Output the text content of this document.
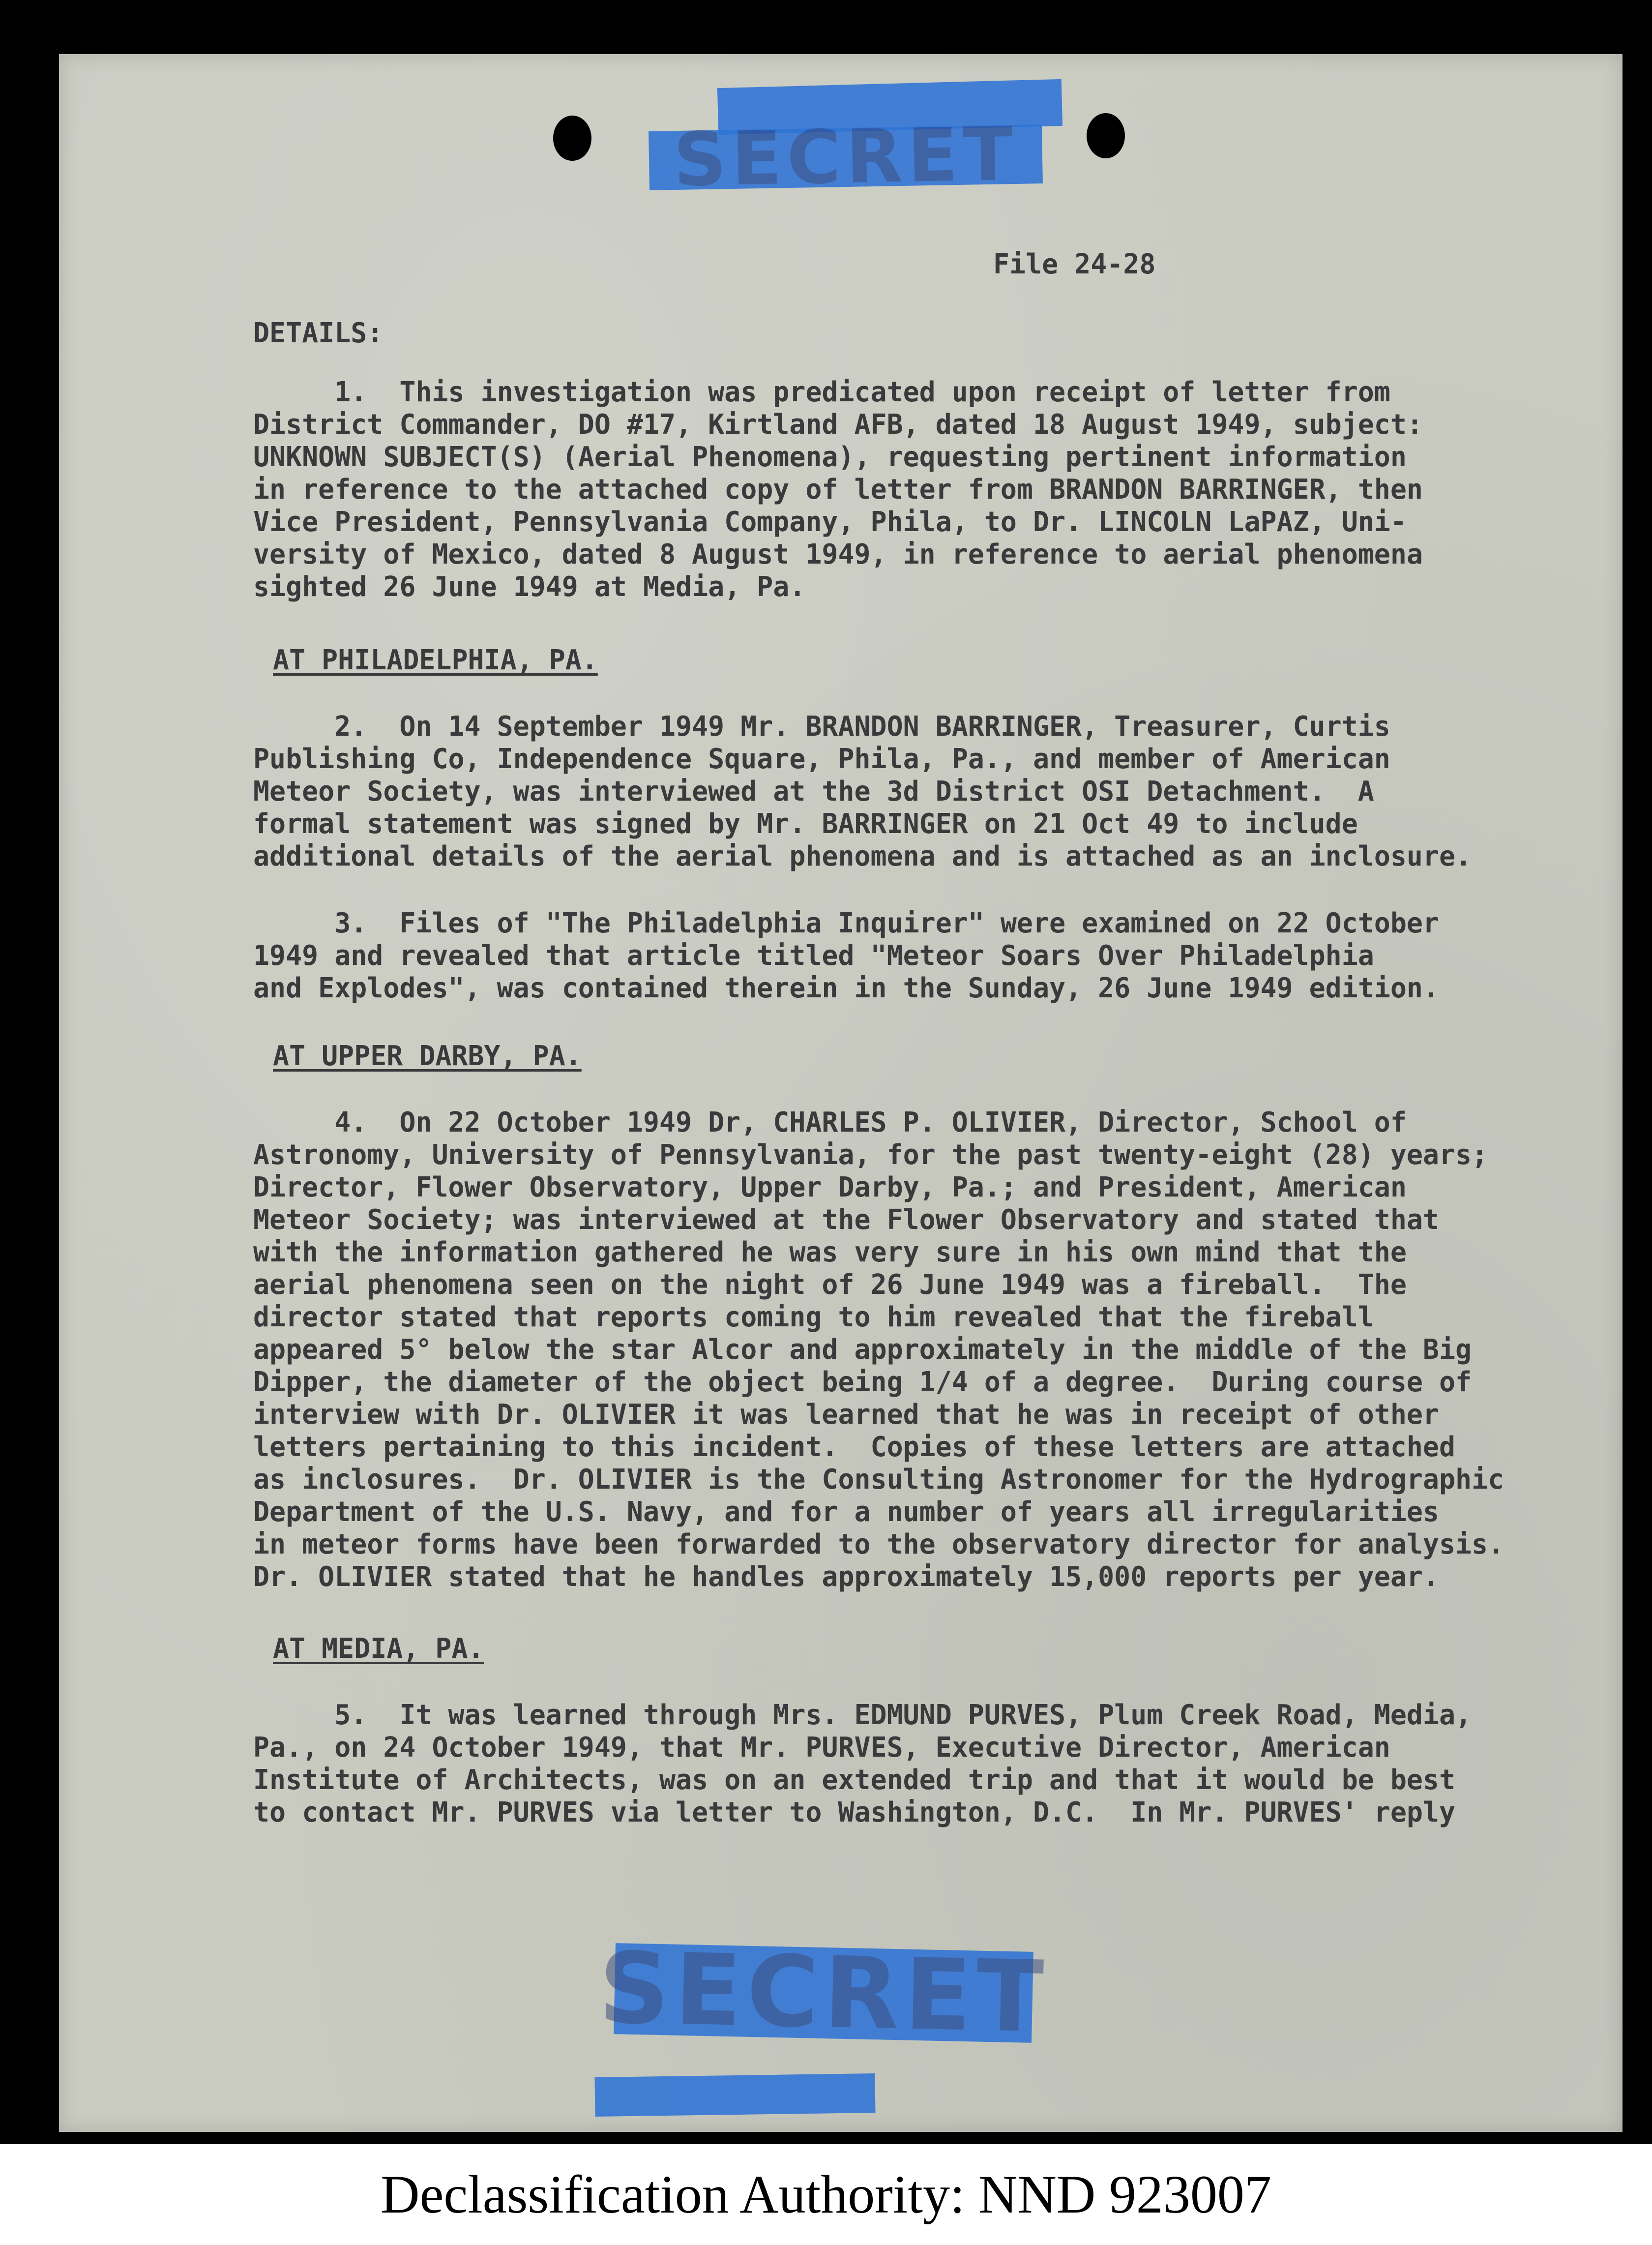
SECRET
SECRET

File 24-28

DETAILS:

1.  This investigation was predicated upon receipt of letter from

District Commander, DO #17, Kirtland AFB, dated 18 August 1949, subject:

UNKNOWN SUBJECT(S) (Aerial Phenomena), requesting pertinent information

in reference to the attached copy of letter from BRANDON BARRINGER, then

Vice President, Pennsylvania Company, Phila, to Dr. LINCOLN LaPAZ, Uni-

versity of Mexico, dated 8 August 1949, in reference to aerial phenomena

sighted 26 June 1949 at Media, Pa.

AT PHILADELPHIA, PA.

2.  On 14 September 1949 Mr. BRANDON BARRINGER, Treasurer, Curtis

Publishing Co, Independence Square, Phila, Pa., and member of American

Meteor Society, was interviewed at the 3d District OSI Detachment.  A

formal statement was signed by Mr. BARRINGER on 21 Oct 49 to include

additional details of the aerial phenomena and is attached as an inclosure.

3.  Files of "The Philadelphia Inquirer" were examined on 22 October

1949 and revealed that article titled "Meteor Soars Over Philadelphia

and Explodes", was contained therein in the Sunday, 26 June 1949 edition.

AT UPPER DARBY, PA.

4.  On 22 October 1949 Dr, CHARLES P. OLIVIER, Director, School of

Astronomy, University of Pennsylvania, for the past twenty-eight (28) years;

Director, Flower Observatory, Upper Darby, Pa.; and President, American

Meteor Society; was interviewed at the Flower Observatory and stated that

with the information gathered he was very sure in his own mind that the

aerial phenomena seen on the night of 26 June 1949 was a fireball.  The

director stated that reports coming to him revealed that the fireball

appeared 5° below the star Alcor and approximately in the middle of the Big

Dipper, the diameter of the object being 1/4 of a degree.  During course of

interview with Dr. OLIVIER it was learned that he was in receipt of other

letters pertaining to this incident.  Copies of these letters are attached

as inclosures.  Dr. OLIVIER is the Consulting Astronomer for the Hydrographic

Department of the U.S. Navy, and for a number of years all irregularities

in meteor forms have been forwarded to the observatory director for analysis.

Dr. OLIVIER stated that he handles approximately 15,000 reports per year.

AT MEDIA, PA.

5.  It was learned through Mrs. EDMUND PURVES, Plum Creek Road, Media,

Pa., on 24 October 1949, that Mr. PURVES, Executive Director, American

Institute of Architects, was on an extended trip and that it would be best

to contact Mr. PURVES via letter to Washington, D.C.  In Mr. PURVES' reply

Declassification Authority: NND 923007
